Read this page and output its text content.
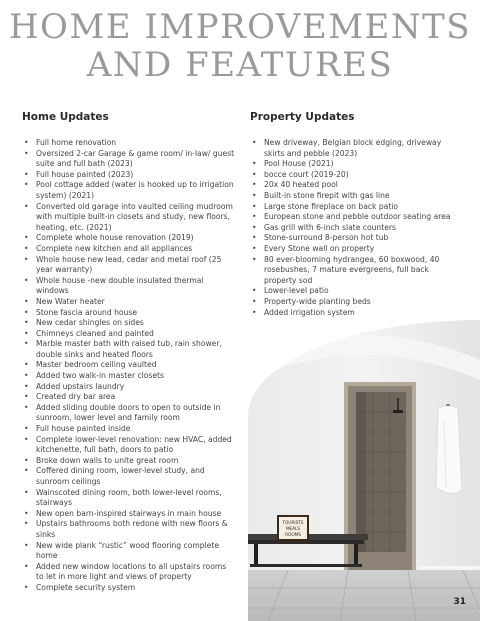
HOME IMPROVEMENTS
AND FEATURES
Home Updates	Property Updates
• Full home renovation
• Oversized 2-car Garage & game room/ in-law/ guest suite and full bath (2023)
• Full house painted (2023)
• Pool cottage added (water is hooked up to irrigation system) (2021)
• Converted old garage into vaulted ceiling mudroom with multiple built-in closets and study, new floors, heating, etc. (2021)
• Complete whole house renovation (2019)
• Complete new kitchen and all appliances
• Whole house new lead, cedar and metal roof (25 year warranty)
• Whole house -new double insulated thermal windows
• New Water heater
• Stone fascia around house
• New cedar shingles on sides
• Chimneys cleaned and painted
• Marble master bath with raised tub, rain shower, double sinks and heated floors
• Master bedroom ceiling vaulted
• Added two walk-in master closets
• Added upstairs laundry
• Created dry bar area
• Added sliding double doors to open to outside in sunroom, lower level and family room
• Full house painted inside
• Complete lower-level renovation: new HVAC, added kitchenette, full bath, doors to patio
• Broke down walls to unite great room
• Coffered dining room, lower-level study, and sunroom ceilings
• Wainscoted dining room, both lower-level rooms, stairways
• New open barn-inspired stairways in main house
• Upstairs bathrooms both redone with new floors & sinks
• New wide plank “rustic” wood flooring complete home
• Added new window locations to all upstairs rooms to let in more light and views of property
• Complete security system
• New driveway, Belgian block edging, driveway skirts and pebble (2023)
• Pool House (2021)
• bocce court (2019-20)
• 20x 40 heated pool
• Built-in stone firepit with gas line
• Large stone fireplace on back patio
• European stone and pebble outdoor seating area
• Gas grill with 6-inch slate counters
• Stone-surround 8-person hot tub
• Every Stone wall on property
• 80 ever-blooming hydrangea, 60 boxwood, 40 rosebushes, 7 mature evergreens, full back property sod
• Lower-level patio
• Property-wide planting beds
• Added irrigation system
TOURISTS
MEALS
ROOMS
31
